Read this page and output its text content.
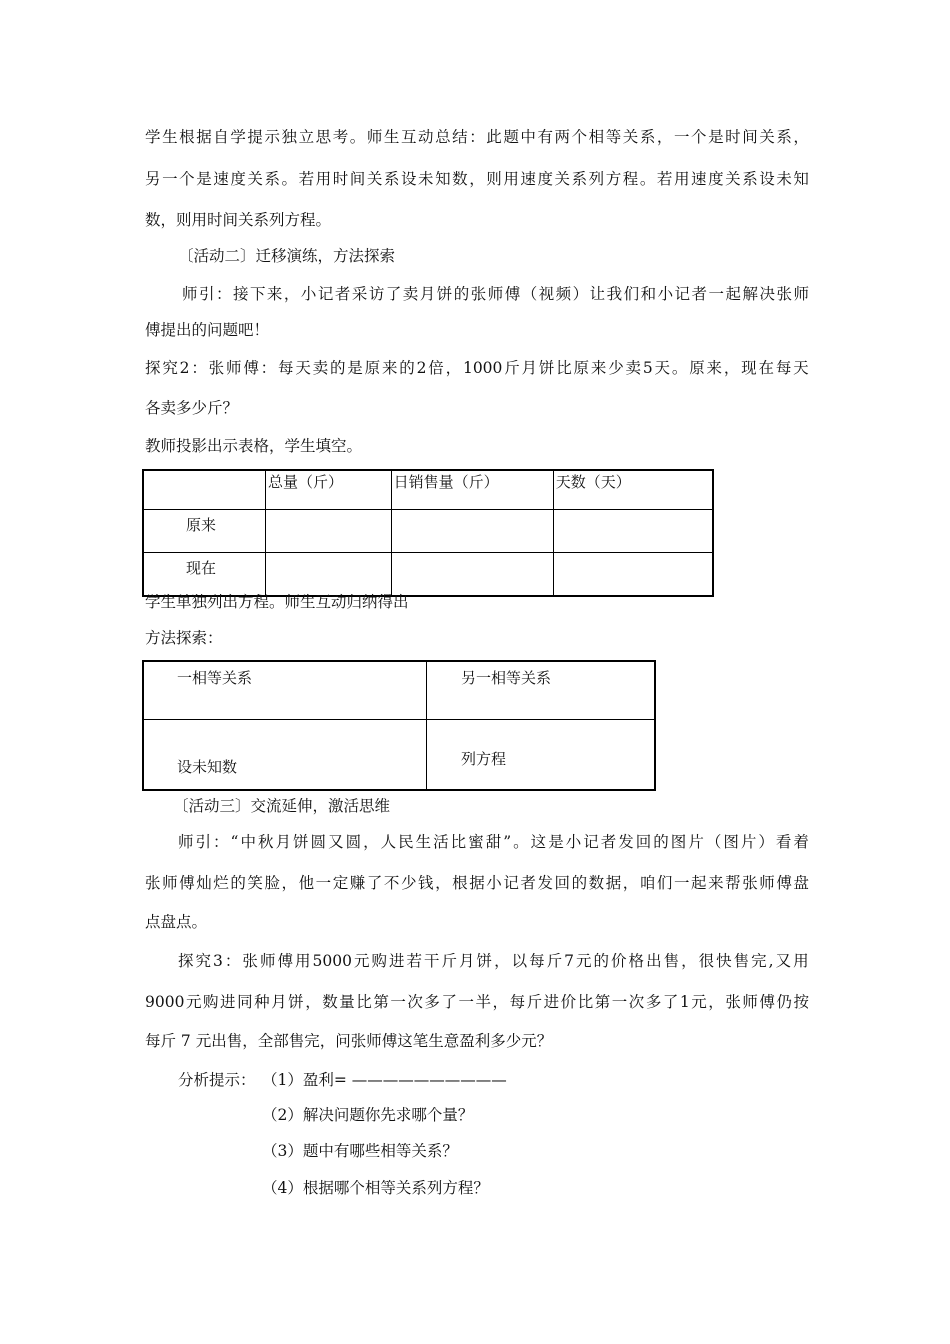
学 生 根 据 自 学 提 示 独 立 思 考 。 师 生 互 动 总 结 ： 此 题 中 有 两 个 相 等 关 系 ， 一 个 是 时 间 关 系 ，
另 一 个 是 速 度 关 系 。 若 用 时 间 关 系 设 未 知 数 ， 则 用 速 度 关 系 列 方 程 。 若 用 速 度 关 系 设 未 知
数，则用时间关系列方程。
〔活动二〕迁移演练，方法探索
师 引 ： 接 下 来 ， 小 记 者 采 访 了 卖 月 饼 的 张 师 傅 （ 视 频 ） 让 我 们 和 小 记 者 一 起 解 决 张 师
傅提出的问题吧！
探 究 2 ： 张 师 傅 ： 每 天 卖 的 是 原 来 的 2 倍 ， 1000 斤 月 饼 比 原 来 少 卖 5 天 。 原 来 ， 现 在 每 天
各卖多少斤？
教师投影出示表格，学生填空。
	总量（斤）	日销售量（斤）	天数（天）
原来			
现在			
学生单独列出方程。师生互动归纳得出
方法探索：
一相等关系	另一相等关系
设未知数	列方程
〔活动三〕交流延伸，激活思维
师 引 ： “ 中 秋 月 饼 圆 又 圆 ， 人 民 生 活 比 蜜 甜 ” 。 这 是 小 记 者 发 回 的 图 片 （ 图 片 ） 看 着
张 师 傅 灿 烂 的 笑 脸 ， 他 一 定 赚 了 不 少 钱 ， 根 据 小 记 者 发 回 的 数 据 ， 咱 们 一 起 来 帮 张 师 傅 盘
点盘点。
探 究 3 ： 张 师 傅 用 5000 元 购 进 若 干 斤 月 饼 ， 以 每 斤 7 元 的 价 格 出 售 ， 很 快 售 完 , 又 用
9000 元 购 进 同 种 月 饼 ， 数 量 比 第 一 次 多 了 一 半 ， 每 斤 进 价 比 第 一 次 多 了 1 元 ， 张 师 傅 仍 按
每斤 7 元出售，全部售完，问张师傅这笔生意盈利多少元？
分析提示： （1）盈利= ——————————
（2）解决问题你先求哪个量？
（3）题中有哪些相等关系？
（4）根据哪个相等关系列方程？
